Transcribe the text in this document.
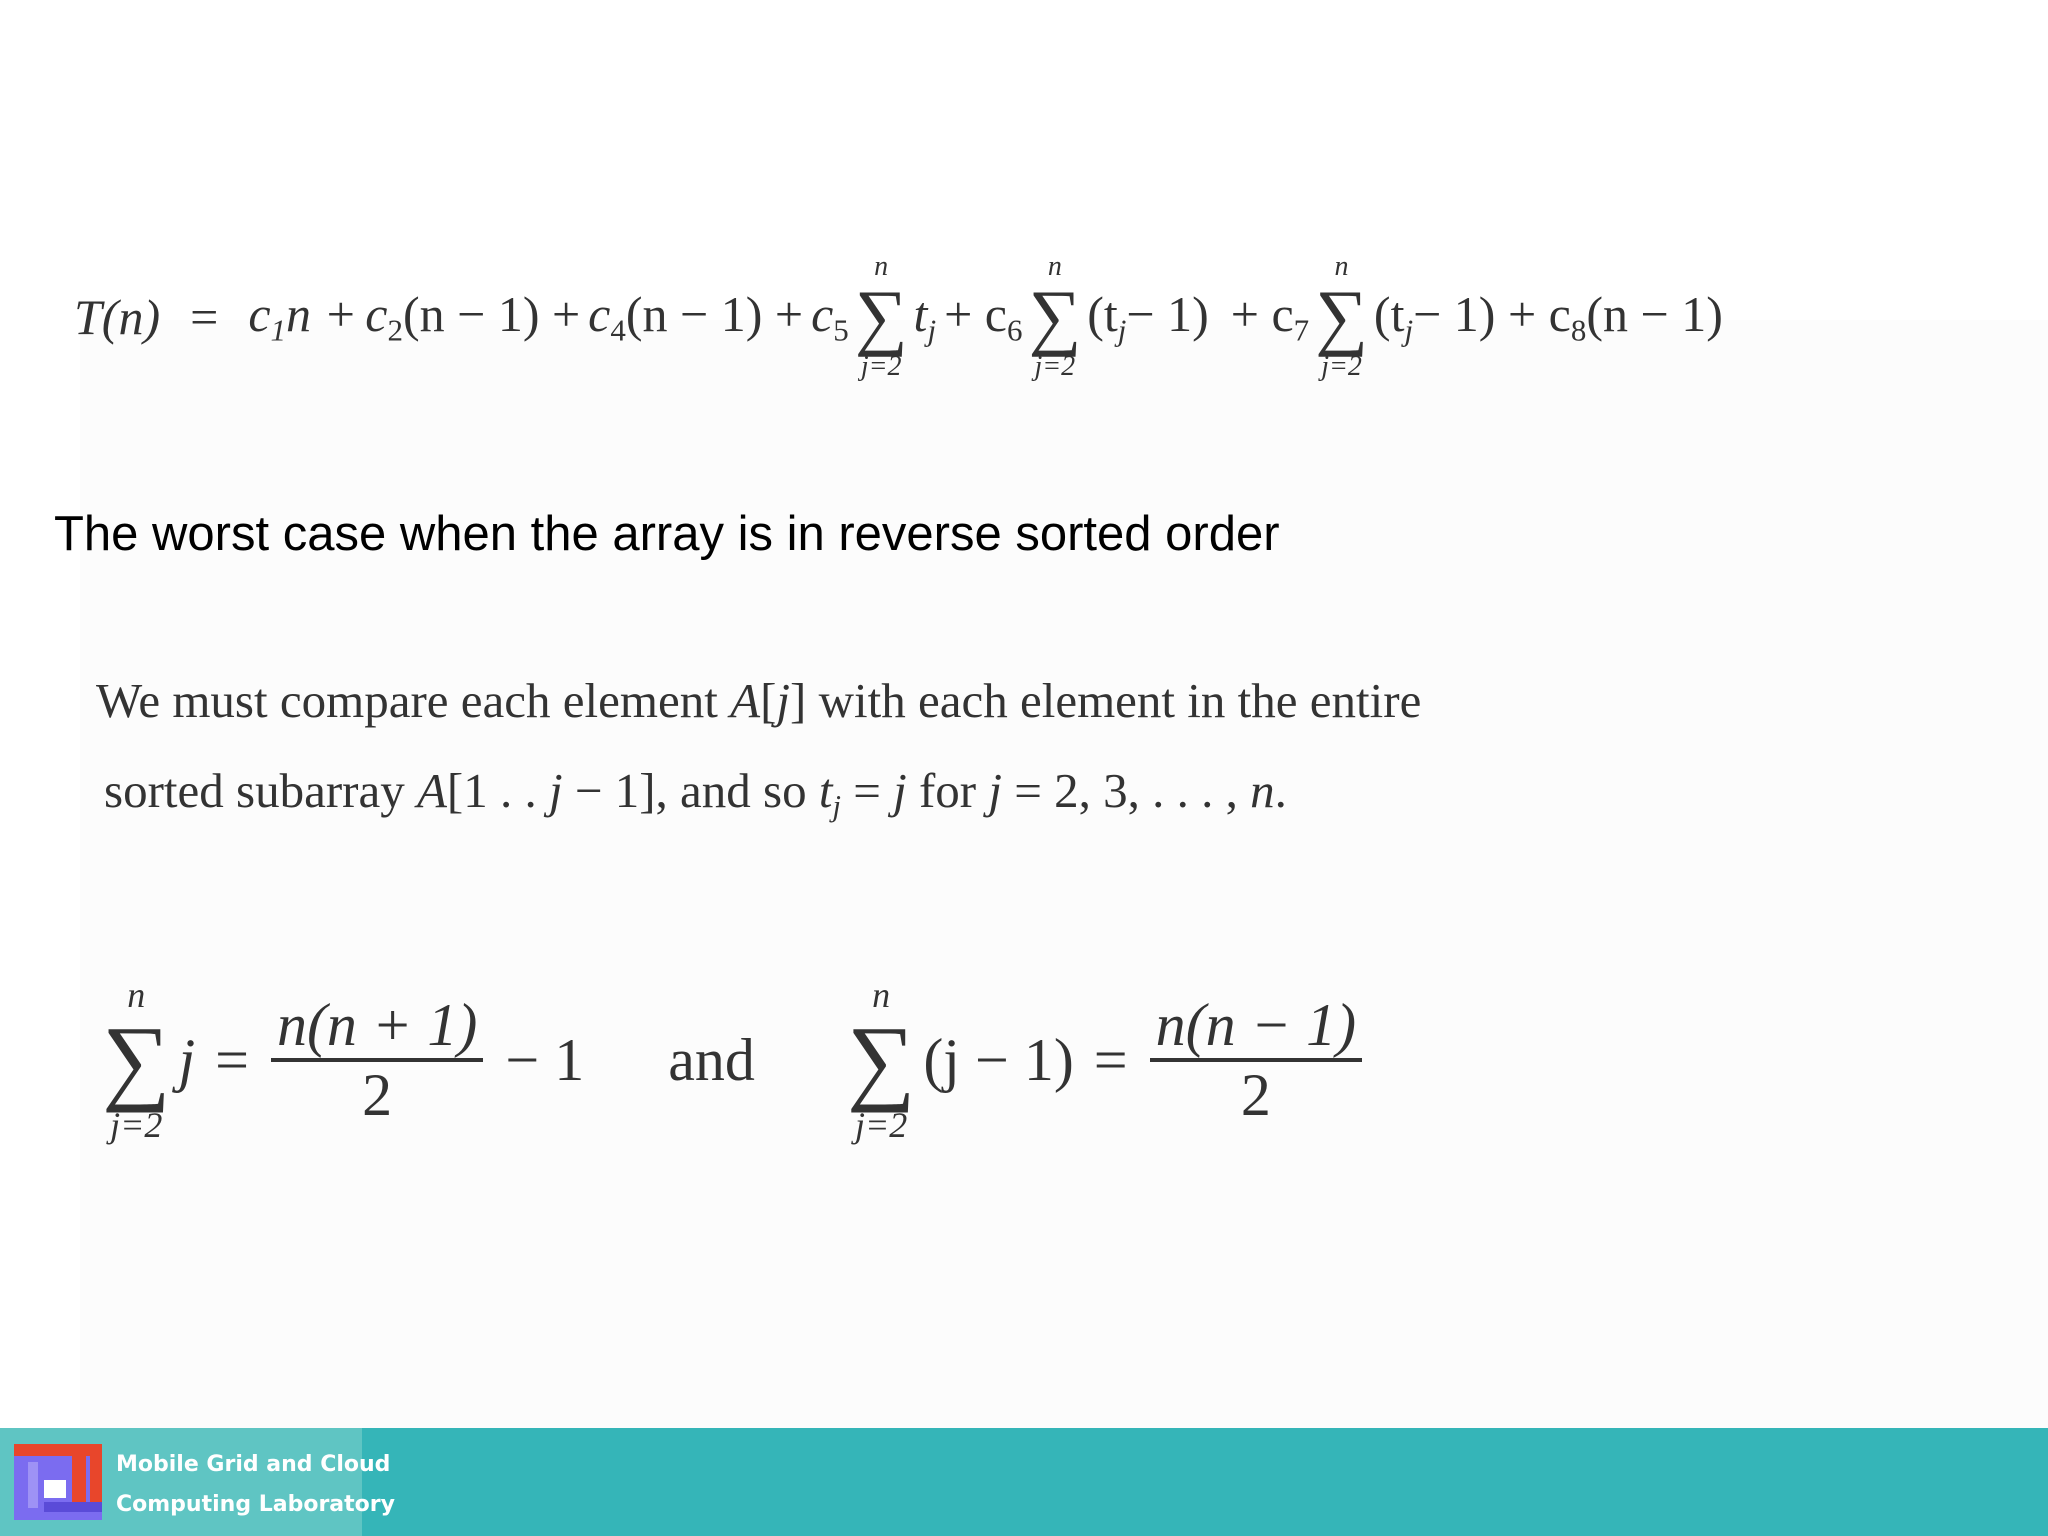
$T(n) = c_1n + c_2(n - 1) + c_4(n - 1) + c_5$
n
∑
j=2
$t_j + c_6$
n
∑
j=2
$(t_j- 1) + c_7$
n
∑
j=2
$(t_j- 1) + c_8(n - 1)$
The worst case when the array is in reverse sorted order
We must compare each element A[j] with each element in the entire
sorted subarray A[1 . . j − 1], and so $t_j = j$ for j = 2, 3, . . . , n.
n
∑
j=2
$j = \frac{n(n + 1)}{2} - 1$ and
n
∑
j=2
$(j - 1) = \frac{n(n - 1)}{2}$
Mobile Grid and Cloud
Computing Laboratory
